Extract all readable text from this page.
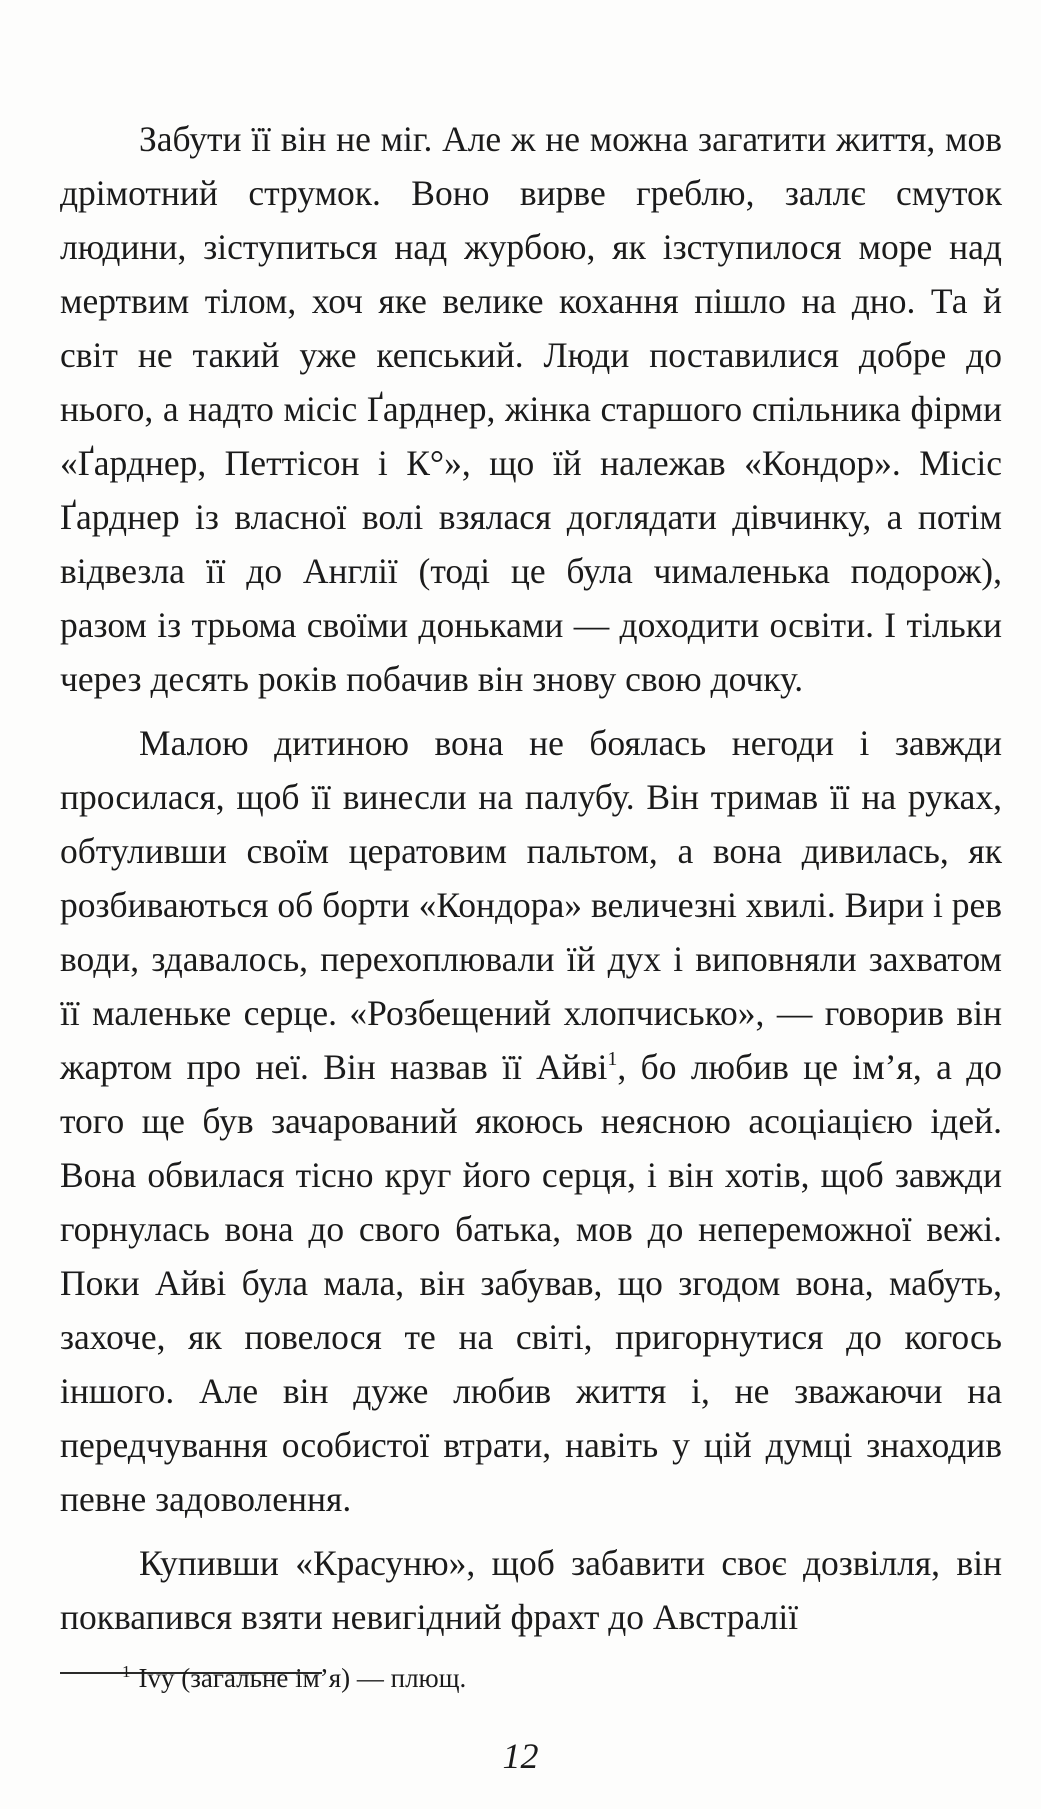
Забути її він не міг. Але ж не можна загатити життя, мов дрімотний струмок. Воно вирве греблю, заллє смуток людини, зіступиться над журбою, як ізступилося море над мертвим тілом, хоч яке велике кохання пішло на дно. Та й світ не такий уже кепський. Люди поставилися добре до нього, а надто місіс Ґарднер, жінка старшого спільника фірми «Ґарднер, Петтісон і К°», що їй належав «Кондор». Місіс Ґарднер із власної волі взялася доглядати дівчинку, а потім відвезла її до Англії (тоді це була чималенька подорож), разом із трьома своїми доньками — доходити освіти. І тільки через десять років побачив він знову свою дочку.

Малою дитиною вона не боялась негоди і завжди просилася, щоб її винесли на палубу. Він тримав її на руках, обтуливши своїм цератовим пальтом, а вона дивилась, як розбиваються об борти «Кондора» величезні хвилі. Вири і рев води, здавалось, перехоплювали їй дух і виповняли захватом її маленьке серце. «Розбещений хлопчисько», — говорив він жартом про неї. Він назвав її Айві$^1$, бо любив це ім’я, а до того ще був зачарований якоюсь неясною асоціацією ідей. Вона обвилася тісно круг його серця, і він хотів, щоб завжди горнулась вона до свого батька, мов до непереможної вежі. Поки Айві була мала, він забував, що згодом вона, мабуть, захоче, як повелося те на світі, пригорнутися до когось іншого. Але він дуже любив життя і, не зважаючи на передчування особистої втрати, навіть у цій думці знаходив певне задоволення.

Купивши «Красуню», щоб забавити своє дозвілля, він поквапився взяти невигідний фрахт до Австралії

$^1$ Ivy (загальне ім’я) — плющ.
12
